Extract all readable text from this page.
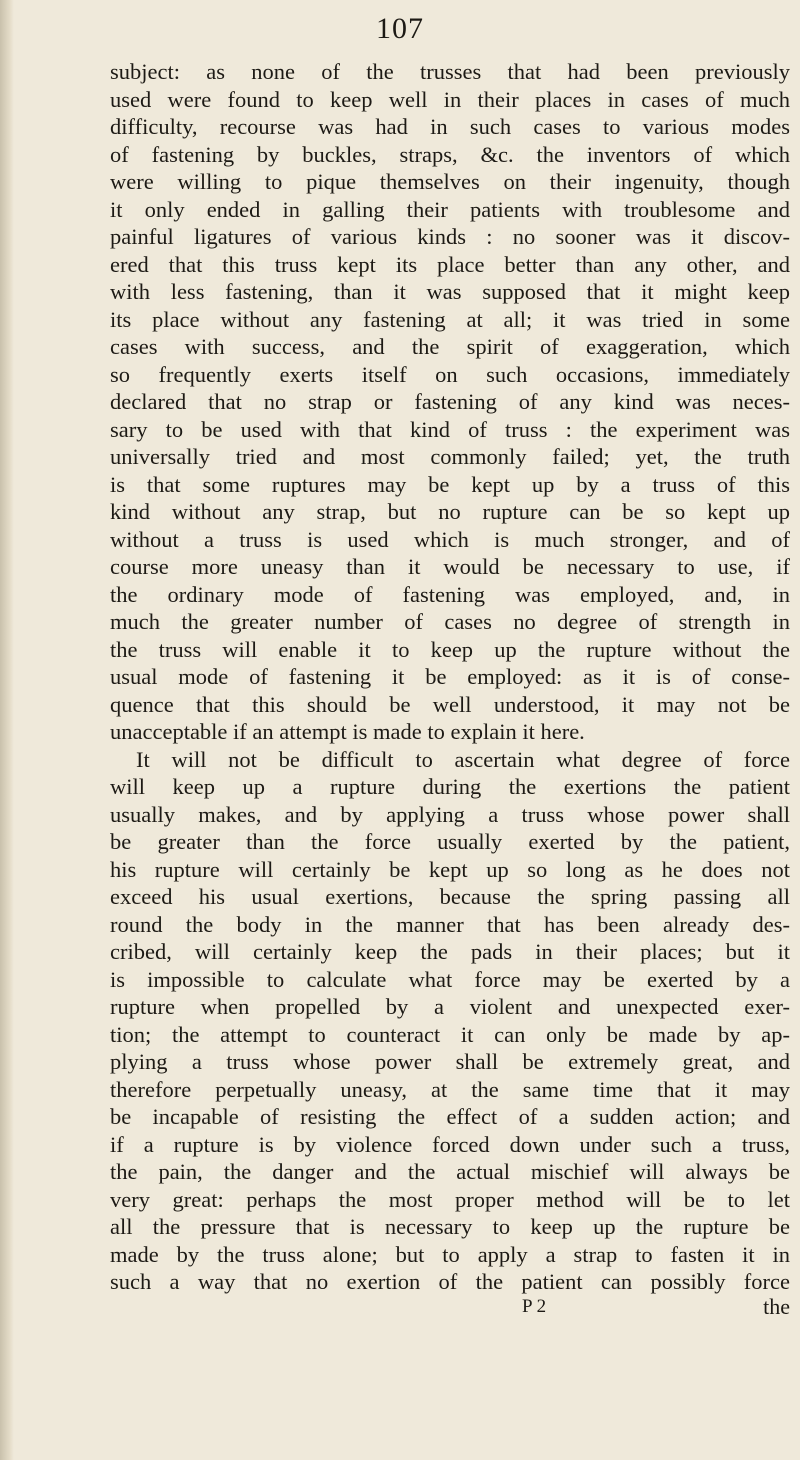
107
subject: as none of the trusses that had been previously
used were found to keep well in their places in cases of much
difficulty, recourse was had in such cases to various modes
of fastening by buckles, straps, &c. the inventors of which
were willing to pique themselves on their ingenuity, though
it only ended in galling their patients with troublesome and
painful ligatures of various kinds : no sooner was it discov-
ered that this truss kept its place better than any other, and
with less fastening, than it was supposed that it might keep
its place without any fastening at all; it was tried in some
cases with success, and the spirit of exaggeration, which
so frequently exerts itself on such occasions, immediately
declared that no strap or fastening of any kind was neces-
sary to be used with that kind of truss : the experiment was
universally tried and most commonly failed; yet, the truth
is that some ruptures may be kept up by a truss of this
kind without any strap, but no rupture can be so kept up
without a truss is used which is much stronger, and of
course more uneasy than it would be necessary to use, if
the ordinary mode of fastening was employed, and, in
much the greater number of cases no degree of strength in
the truss will enable it to keep up the rupture without the
usual mode of fastening it be employed: as it is of conse-
quence that this should be well understood, it may not be
unacceptable if an attempt is made to explain it here.
It will not be difficult to ascertain what degree of force
will keep up a rupture during the exertions the patient
usually makes, and by applying a truss whose power shall
be greater than the force usually exerted by the patient,
his rupture will certainly be kept up so long as he does not
exceed his usual exertions, because the spring passing all
round the body in the manner that has been already des-
cribed, will certainly keep the pads in their places; but it
is impossible to calculate what force may be exerted by a
rupture when propelled by a violent and unexpected exer-
tion; the attempt to counteract it can only be made by ap-
plying a truss whose power shall be extremely great, and
therefore perpetually uneasy, at the same time that it may
be incapable of resisting the effect of a sudden action; and
if a rupture is by violence forced down under such a truss,
the pain, the danger and the actual mischief will always be
very great: perhaps the most proper method will be to let
all the pressure that is necessary to keep up the rupture be
made by the truss alone; but to apply a strap to fasten it in
such a way that no exertion of the patient can possibly force
P 2	the
